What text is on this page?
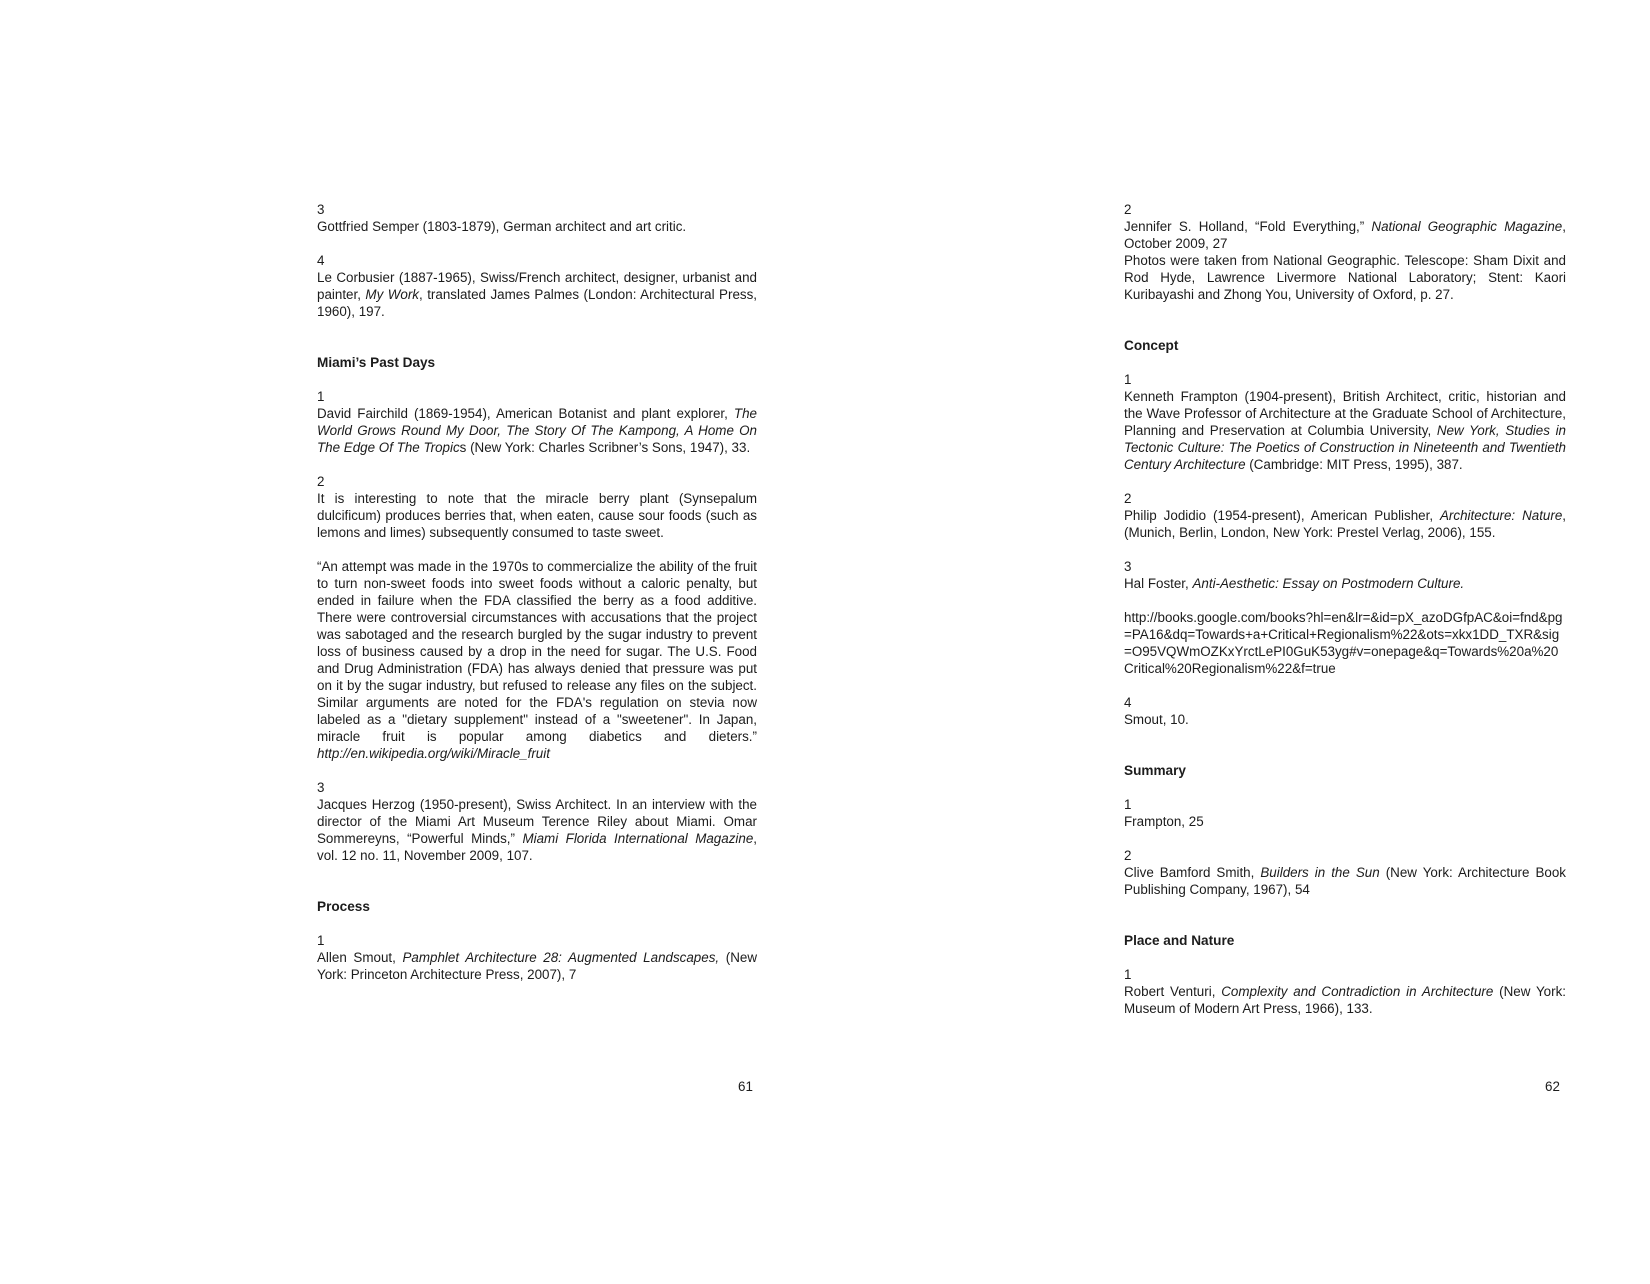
3

Gottfried Semper (1803-1879), German architect and art critic.

4

Le Corbusier (1887-1965), Swiss/French architect, designer, urbanist and painter, My Work, translated James Palmes (London: Architectural Press, 1960), 197.

Miami’s Past Days
1

David Fairchild (1869-1954), American Botanist and plant explorer, The World Grows Round My Door, The Story Of The Kampong, A Home On The Edge Of The Tropics (New York: Charles Scribner’s Sons, 1947), 33.

2

It is interesting to note that the miracle berry plant (Synsepalum dulcificum) produces berries that, when eaten, cause sour foods (such as lemons and limes) subsequently consumed to taste sweet.

“An attempt was made in the 1970s to commercialize the ability of the fruit to turn non-sweet foods into sweet foods without a caloric penalty, but ended in failure when the FDA classified the berry as a food additive. There were controversial circumstances with accusations that the project was sabotaged and the research burgled by the sugar industry to prevent loss of business caused by a drop in the need for sugar. The U.S. Food and Drug Administration (FDA) has always denied that pressure was put on it by the sugar industry, but refused to release any files on the subject. Similar arguments are noted for the FDA's regulation on stevia now labeled as a "dietary supplement" instead of a "sweetener". In Japan, miracle fruit is popular among diabetics and dieters.” http://en.wikipedia.org/wiki/Miracle_fruit

3

Jacques Herzog (1950-present), Swiss Architect. In an interview with the director of the Miami Art Museum Terence Riley about Miami. Omar Sommereyns, “Powerful Minds,” Miami Florida International Magazine, vol. 12 no. 11, November 2009, 107.

Process
1

Allen Smout, Pamphlet Architecture 28: Augmented Landscapes, (New York: Princeton Architecture Press, 2007), 7

61
2

Jennifer S. Holland, “Fold Everything,” National Geographic Magazine, October 2009, 27

Photos were taken from National Geographic. Telescope: Sham Dixit and Rod Hyde, Lawrence Livermore National Laboratory; Stent: Kaori Kuribayashi and Zhong You, University of Oxford, p. 27.

Concept
1

Kenneth Frampton (1904-present), British Architect, critic, historian and the Wave Professor of Architecture at the Graduate School of Architecture, Planning and Preservation at Columbia University, New York, Studies in Tectonic Culture: The Poetics of Construction in Nineteenth and Twentieth Century Architecture (Cambridge: MIT Press, 1995), 387.

2

Philip Jodidio (1954-present), American Publisher, Architecture: Nature, (Munich, Berlin, London, New York: Prestel Verlag, 2006), 155.

3

Hal Foster, Anti-Aesthetic: Essay on Postmodern Culture.

http://books.google.com/books?hl=en&lr=&id=pX_azoDGfpAC&oi=fnd&pg=PA16&dq=Towards+a+Critical+Regionalism%22&ots=xkx1DD_TXR&sig=O95VQWmOZKxYrctLePI0GuK53yg#v=onepage&q=Towards%20a%20Critical%20Regionalism%22&f=true

4

Smout, 10.

Summary
1

Frampton, 25

2

Clive Bamford Smith, Builders in the Sun (New York: Architecture Book Publishing Company, 1967), 54

Place and Nature
1

Robert Venturi, Complexity and Contradiction in Architecture (New York: Museum of Modern Art Press, 1966), 133.

62
